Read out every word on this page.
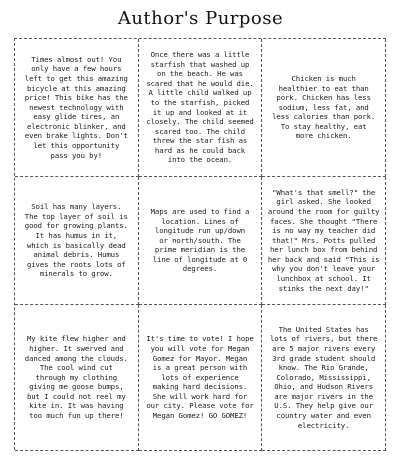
Author's Purpose

Times almost out! You
only have a few hours
left to get this amazing
bicycle at this amazing
price! This bike has the
newest technology with
easy glide tires, an
electronic blinker, and
even brake lights. Don't
let this opportunity
pass you by!

Once there was a little
starfish that washed up
on the beach. He was
scared that he would die.
A little child walked up
to the starfish, picked
it up and looked at it
closely. The child seemed
scared too. The child
threw the star fish as
hard as he could back
into the ocean.

Chicken is much
healthier to eat than
pork. Chicken has less
sodium, less fat, and
less calories than pork.
To stay healthy, eat
more chicken.

Soil has many layers.
The top layer of soil is
good for growing plants.
It has humus in it,
which is basically dead
animal debris. Humus
gives the roots lots of
minerals to grow.

Maps are used to find a
location. Lines of
longitude run up/down
or north/south. The
prime meridian is the
line of longitude at 0
degrees.

"What's that smell?" the
girl asked. She looked
around the room for guilty
faces. She thought "There
is no way my teacher did
that!" Mrs. Potts pulled
her lunch box from behind
her back and said "This is
why you don't leave your
lunchbox at school. It
stinks the next day!"

My kite flew higher and
higher. It swerved and
danced among the clouds.
The cool wind cut
through my clothing
giving me goose bumps,
but I could not reel my
kite in. It was having
too much fun up there!

It's time to vote! I hope
you will vote for Megan
Gomez for Mayor. Megan
is a great person with
lots of experience
making hard decisions.
She will work hard for
our city. Please vote for
Megan Gomez! GO GOMEZ!

The United States has
lots of rivers, but there
are 5 major rivers every
3rd grade student should
know. The Rio Grande,
Colorado, Mississippi,
Ohio, and Hudson Rivers
are major rivers in the
U.S. They help give our
country water and even
electricity.
